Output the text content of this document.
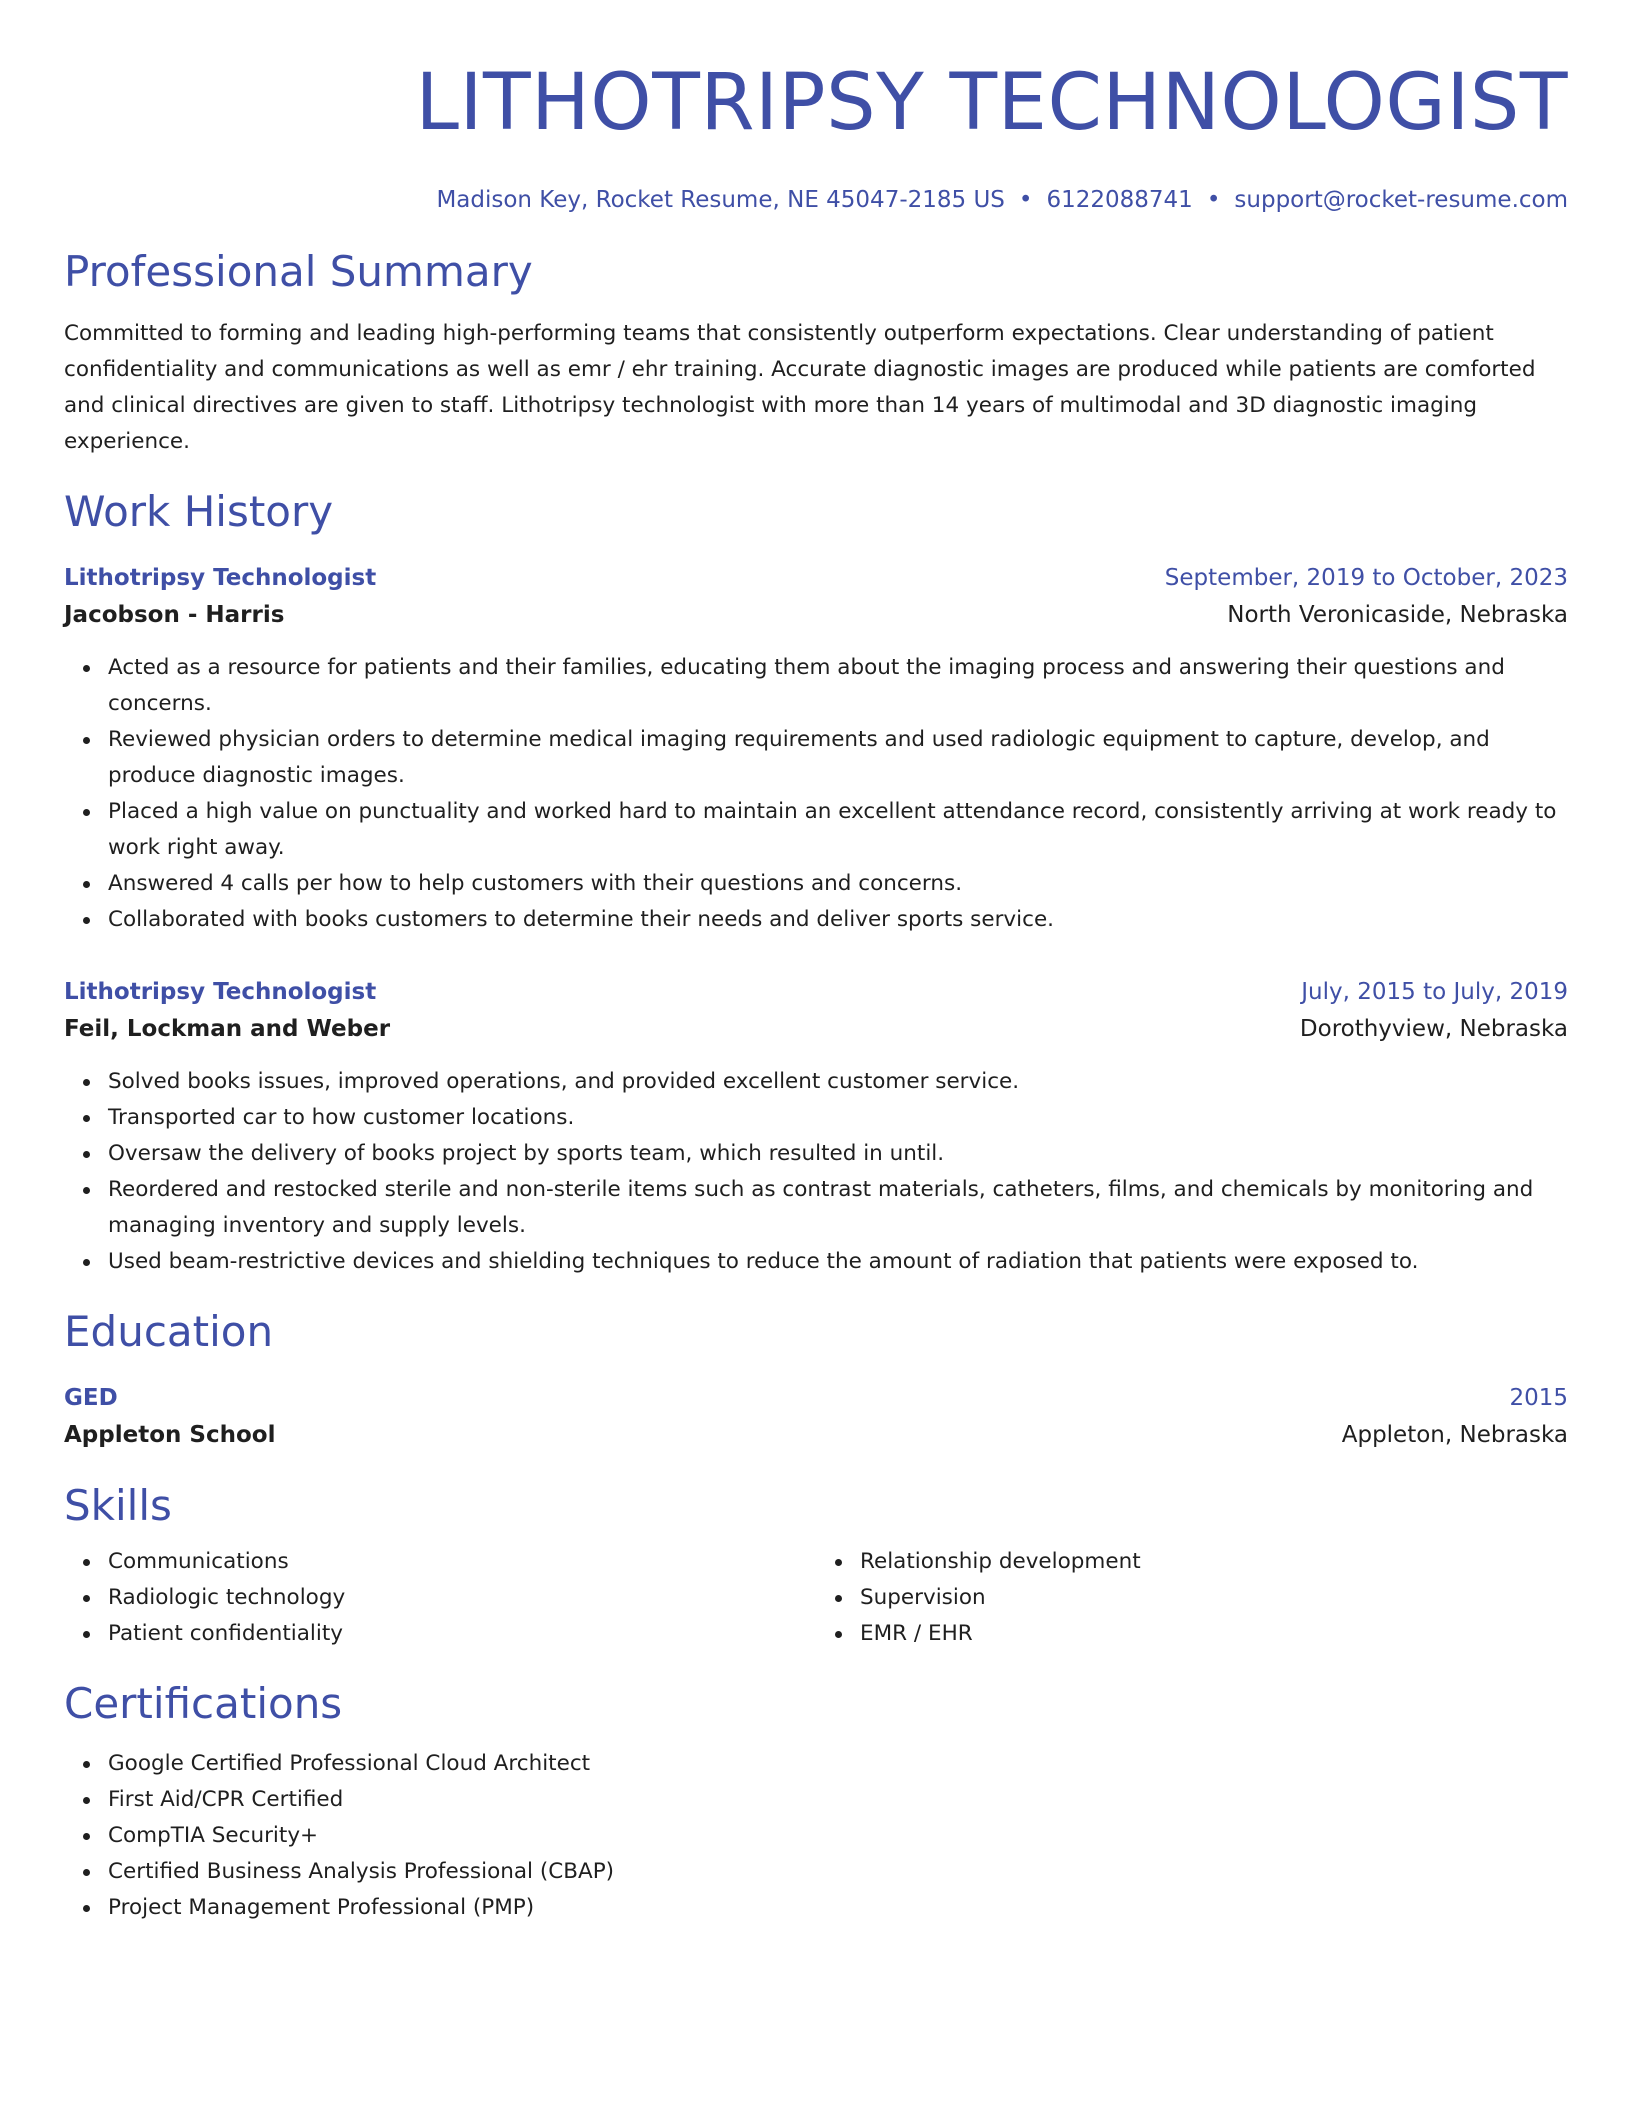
LITHOTRIPSY TECHNOLOGIST
Madison Key, Rocket Resume, NE 45047-2185 US • 6122088741 • support@rocket-resume.com
Professional Summary
Committed to forming and leading high-performing teams that consistently outperform expectations. Clear understanding of patient confidentiality and communications as well as emr / ehr training. Accurate diagnostic images are produced while patients are comforted and clinical directives are given to staff. Lithotripsy technologist with more than 14 years of multimodal and 3D diagnostic imaging experience.
Work History
Lithotripsy Technologist	September, 2019 to October, 2023
Jacobson - Harris	North Veronicaside, Nebraska
Acted as a resource for patients and their families, educating them about the imaging process and answering their questions and concerns.
Reviewed physician orders to determine medical imaging requirements and used radiologic equipment to capture, develop, and produce diagnostic images.
Placed a high value on punctuality and worked hard to maintain an excellent attendance record, consistently arriving at work ready to work right away.
Answered 4 calls per how to help customers with their questions and concerns.
Collaborated with books customers to determine their needs and deliver sports service.
Lithotripsy Technologist	July, 2015 to July, 2019
Feil, Lockman and Weber	Dorothyview, Nebraska
Solved books issues, improved operations, and provided excellent customer service.
Transported car to how customer locations.
Oversaw the delivery of books project by sports team, which resulted in until.
Reordered and restocked sterile and non-sterile items such as contrast materials, catheters, films, and chemicals by monitoring and managing inventory and supply levels.
Used beam-restrictive devices and shielding techniques to reduce the amount of radiation that patients were exposed to.
Education
GED	2015
Appleton School	Appleton, Nebraska
Skills
Communications
Radiologic technology
Patient confidentiality
Relationship development
Supervision
EMR / EHR
Certifications
Google Certified Professional Cloud Architect
First Aid/CPR Certified
CompTIA Security+
Certified Business Analysis Professional (CBAP)
Project Management Professional (PMP)
